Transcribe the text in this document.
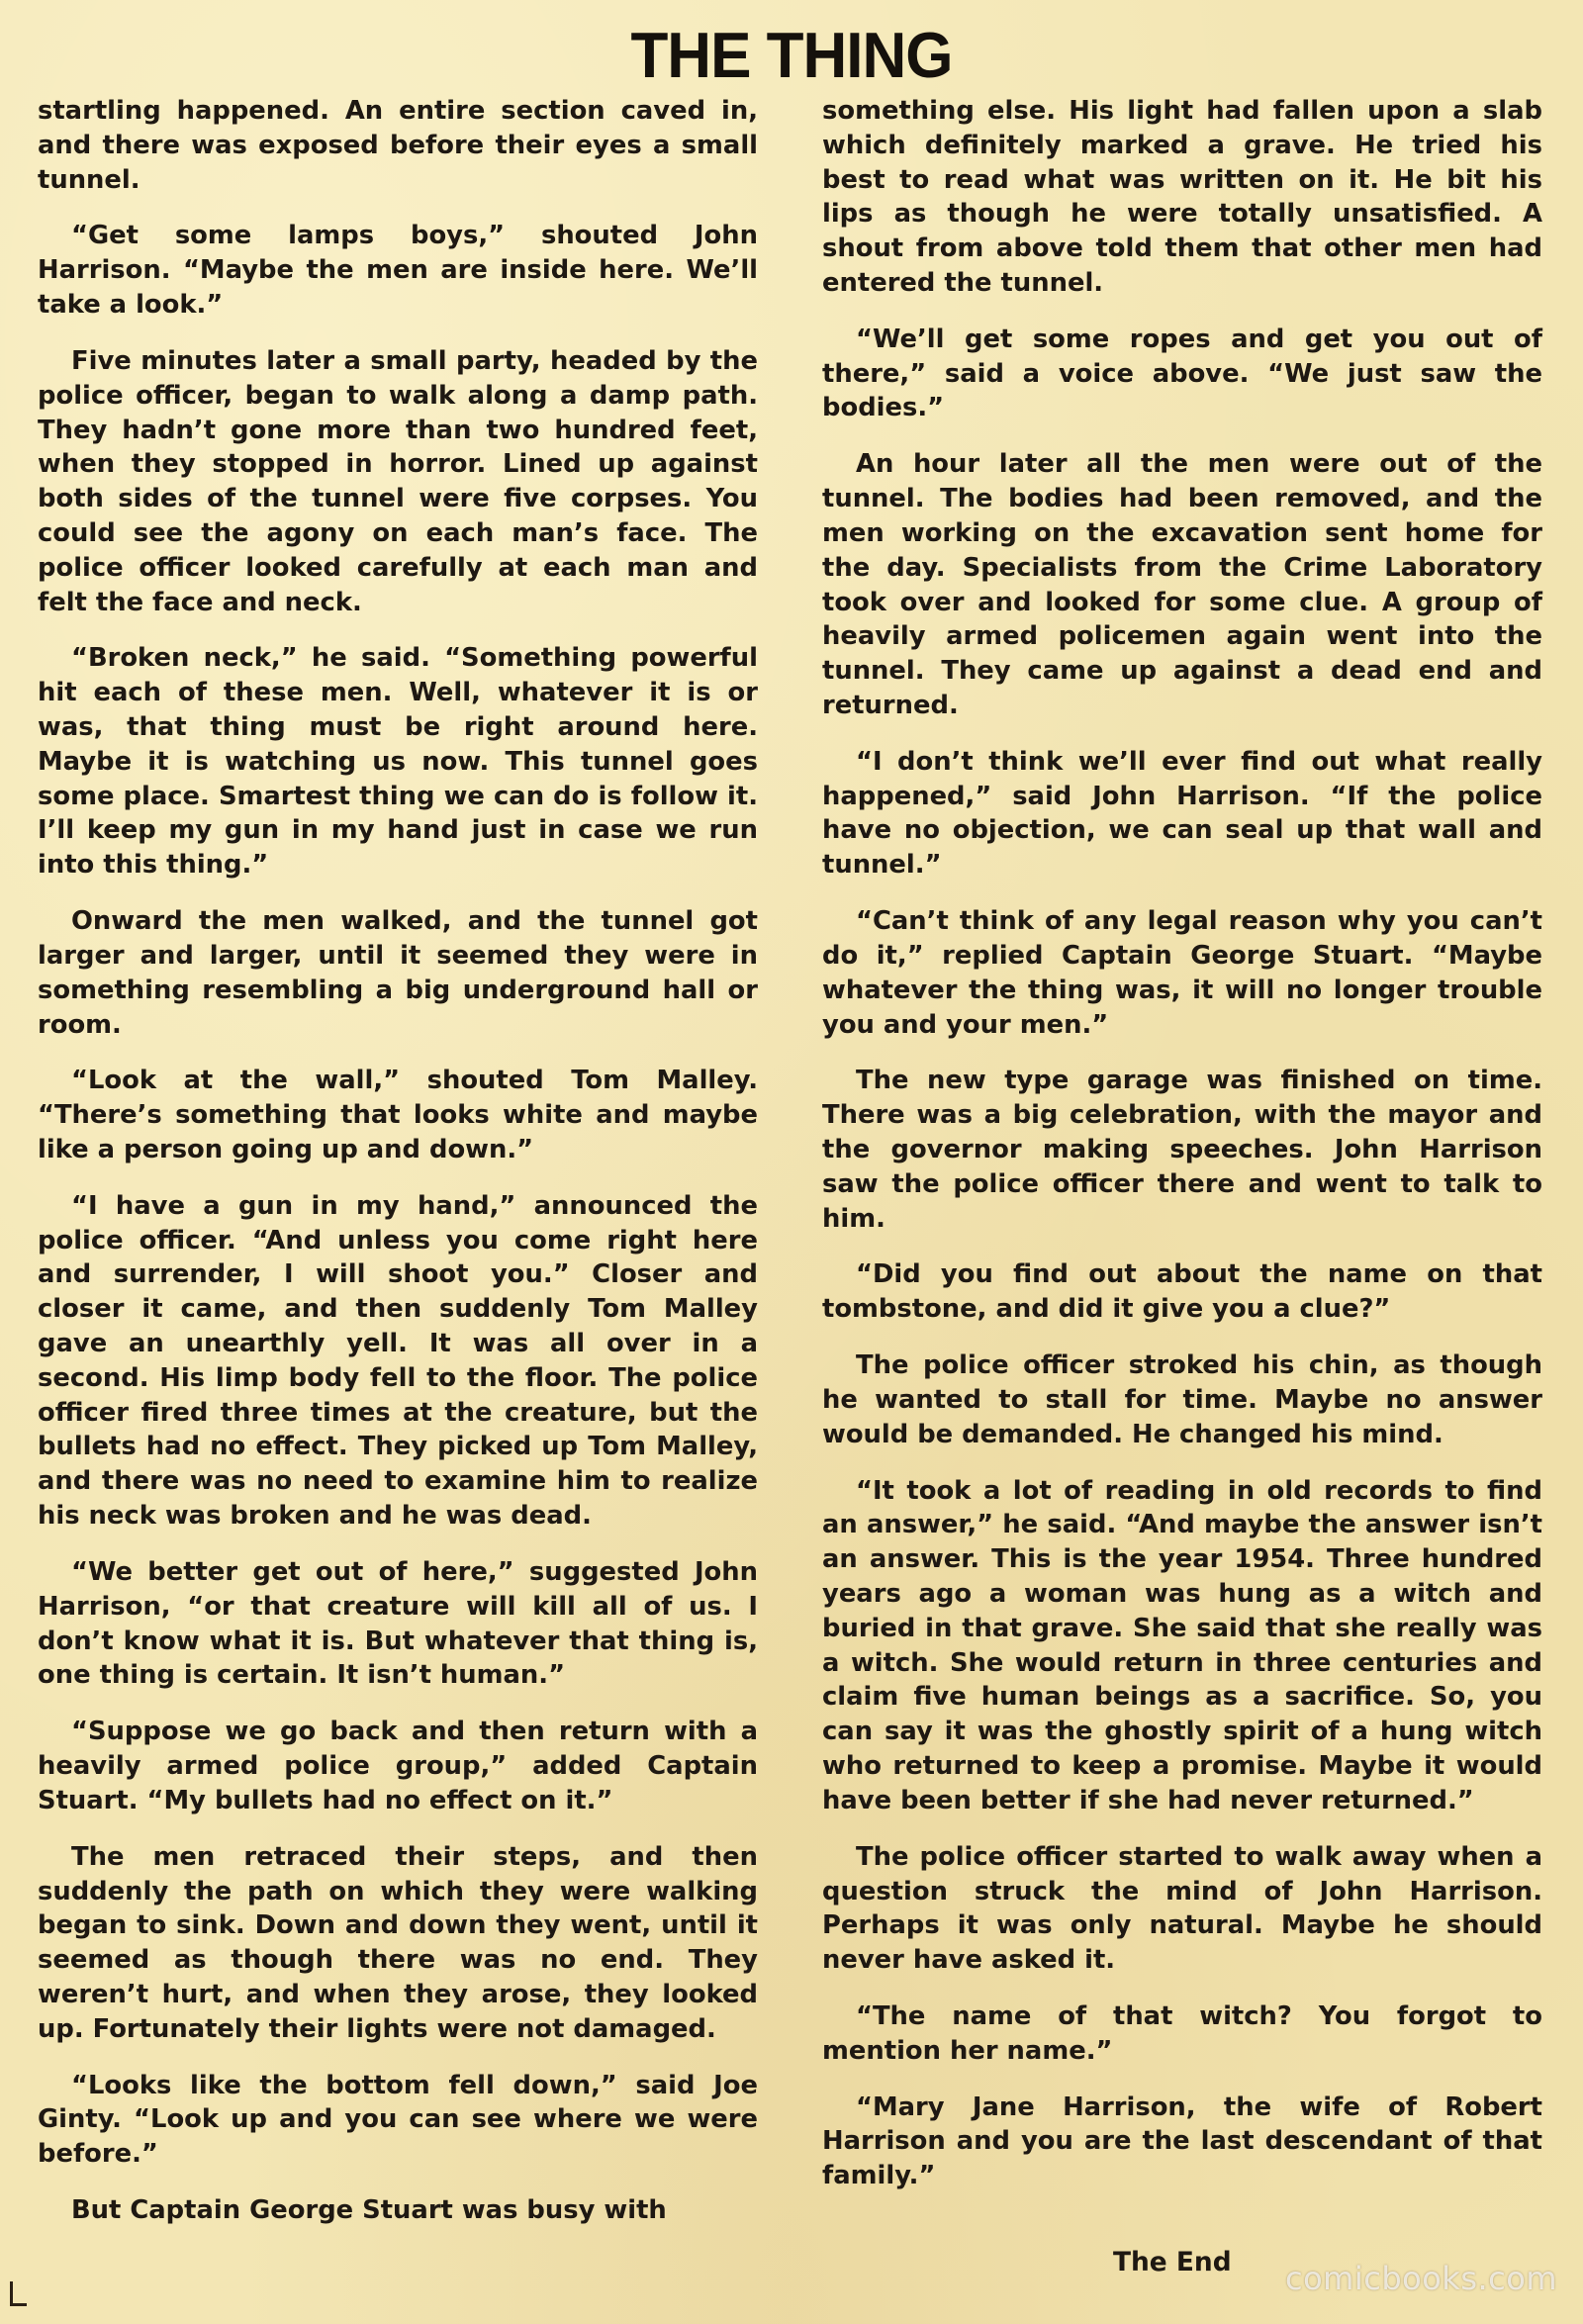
THE THING

startling happened. An entire section caved in, and there was exposed before their eyes a small tunnel.

“Get some lamps boys,” shouted John Harrison. “Maybe the men are inside here. We’ll take a look.”

Five minutes later a small party, headed by the police officer, began to walk along a damp path. They hadn’t gone more than two hundred feet, when they stopped in horror. Lined up against both sides of the tunnel were five corpses. You could see the agony on each man’s face. The police officer looked carefully at each man and felt the face and neck.

“Broken neck,” he said. “Something powerful hit each of these men. Well, whatever it is or was, that thing must be right around here. Maybe it is watching us now. This tunnel goes some place. Smartest thing we can do is follow it. I’ll keep my gun in my hand just in case we run into this thing.”

Onward the men walked, and the tunnel got larger and larger, until it seemed they were in something resembling a big underground hall or room.

“Look at the wall,” shouted Tom Malley. “There’s something that looks white and maybe like a person going up and down.”

“I have a gun in my hand,” announced the police officer. “And unless you come right here and surrender, I will shoot you.” Closer and closer it came, and then suddenly Tom Malley gave an unearthly yell. It was all over in a second. His limp body fell to the floor. The police officer fired three times at the creature, but the bullets had no effect. They picked up Tom Malley, and there was no need to examine him to realize his neck was broken and he was dead.

“We better get out of here,” suggested John Harrison, “or that creature will kill all of us. I don’t know what it is. But whatever that thing is, one thing is certain. It isn’t human.”

“Suppose we go back and then return with a heavily armed police group,” added Captain Stuart. “My bullets had no effect on it.”

The men retraced their steps, and then suddenly the path on which they were walking began to sink. Down and down they went, until it seemed as though there was no end. They weren’t hurt, and when they arose, they looked up. Fortunately their lights were not damaged.

“Looks like the bottom fell down,” said Joe Ginty. “Look up and you can see where we were before.”

But Captain George Stuart was busy with

something else. His light had fallen upon a slab which definitely marked a grave. He tried his best to read what was written on it. He bit his lips as though he were totally unsatisfied. A shout from above told them that other men had entered the tunnel.

“We’ll get some ropes and get you out of there,” said a voice above. “We just saw the bodies.”

An hour later all the men were out of the tunnel. The bodies had been removed, and the men working on the excavation sent home for the day. Specialists from the Crime Laboratory took over and looked for some clue. A group of heavily armed policemen again went into the tunnel. They came up against a dead end and returned.

“I don’t think we’ll ever find out what really happened,” said John Harrison. “If the police have no objection, we can seal up that wall and tunnel.”

“Can’t think of any legal reason why you can’t do it,” replied Captain George Stuart. “Maybe whatever the thing was, it will no longer trouble you and your men.”

The new type garage was finished on time. There was a big celebration, with the mayor and the governor making speeches. John Harrison saw the police officer there and went to talk to him.

“Did you find out about the name on that tombstone, and did it give you a clue?”

The police officer stroked his chin, as though he wanted to stall for time. Maybe no answer would be demanded. He changed his mind.

“It took a lot of reading in old records to find an answer,” he said. “And maybe the answer isn’t an answer. This is the year 1954. Three hundred years ago a woman was hung as a witch and buried in that grave. She said that she really was a witch. She would return in three centuries and claim five human beings as a sacrifice. So, you can say it was the ghostly spirit of a hung witch who returned to keep a promise. Maybe it would have been better if she had never returned.”

The police officer started to walk away when a question struck the mind of John Harrison. Perhaps it was only natural. Maybe he should never have asked it.

“The name of that witch? You forgot to mention her name.”

“Mary Jane Harrison, the wife of Robert Harrison and you are the last descendant of that family.”

The End comicbooks.com
